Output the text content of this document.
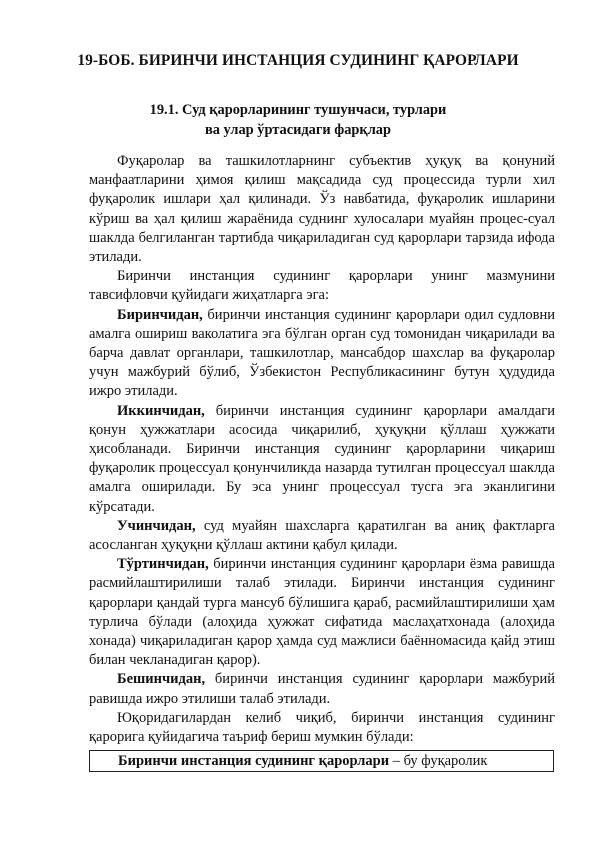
19-БОБ. БИРИНЧИ ИНСТАНЦИЯ СУДИНИНГ ҚАРОРЛАРИ
19.1. Суд қарорларининг тушунчаси, турлари
ва улар ўртасидаги фарқлар

Фуқаролар ва ташкилотларнинг субъектив ҳуқуқ ва қонуний манфаатларини ҳимоя қилиш мақсадида суд процессида турли хил фуқаролик ишлари ҳал қилинади. Ўз навбатида, фуқаролик ишларини кўриш ва ҳал қилиш жараёнида суднинг хулосалари муайян процес-суал шаклда белгиланган тартибда чиқариладиган суд қарорлари тарзида ифода этилади.

Биринчи инстанция судининг қарорлари унинг мазмунини тавсифловчи қуйидаги жиҳатларга эга:

Биринчидан, биринчи инстанция судининг қарорлари одил судловни амалга ошириш ваколатига эга бўлган орган суд томонидан чиқарилади ва барча давлат органлари, ташкилотлар, мансабдор шахслар ва фуқаролар учун мажбурий бўлиб, Ўзбекистон Республикасининг бутун ҳудудида ижро этилади.

Иккинчидан, биринчи инстанция судининг қарорлари амалдаги қонун ҳужжатлари асосида чиқарилиб, ҳуқуқни қўллаш ҳужжати ҳисобланади. Биринчи инстанция судининг қарорларини чиқариш фуқаролик процессуал қонунчиликда назарда тутилган процессуал шаклда амалга оширилади. Бу эса унинг процессуал тусга эга эканлигини кўрсатади.

Учинчидан, суд муайян шахсларга қаратилган ва аниқ фактларга асосланган ҳуқуқни қўллаш актини қабул қилади.

Тўртинчидан, биринчи инстанция судининг қарорлари ёзма равишда расмийлаштирилиши талаб этилади. Биринчи инстанция судининг қарорлари қандай турга мансуб бўлишига қараб, расмийлаштирилиши ҳам турлича бўлади (алоҳида ҳужжат сифатида маслаҳатхонада (алоҳида хонада) чиқариладиган қарор ҳамда суд мажлиси баённомасида қайд этиш билан чекланадиган қарор).

Бешинчидан, биринчи инстанция судининг қарорлари мажбурий равишда ижро этилиши талаб этилади.

Юқоридагилардан келиб чиқиб, биринчи инстанция судининг қарорига қуйидагича таъриф бериш мумкин бўлади:

Биринчи инстанция судининг қарорлари – бу фуқаролик
